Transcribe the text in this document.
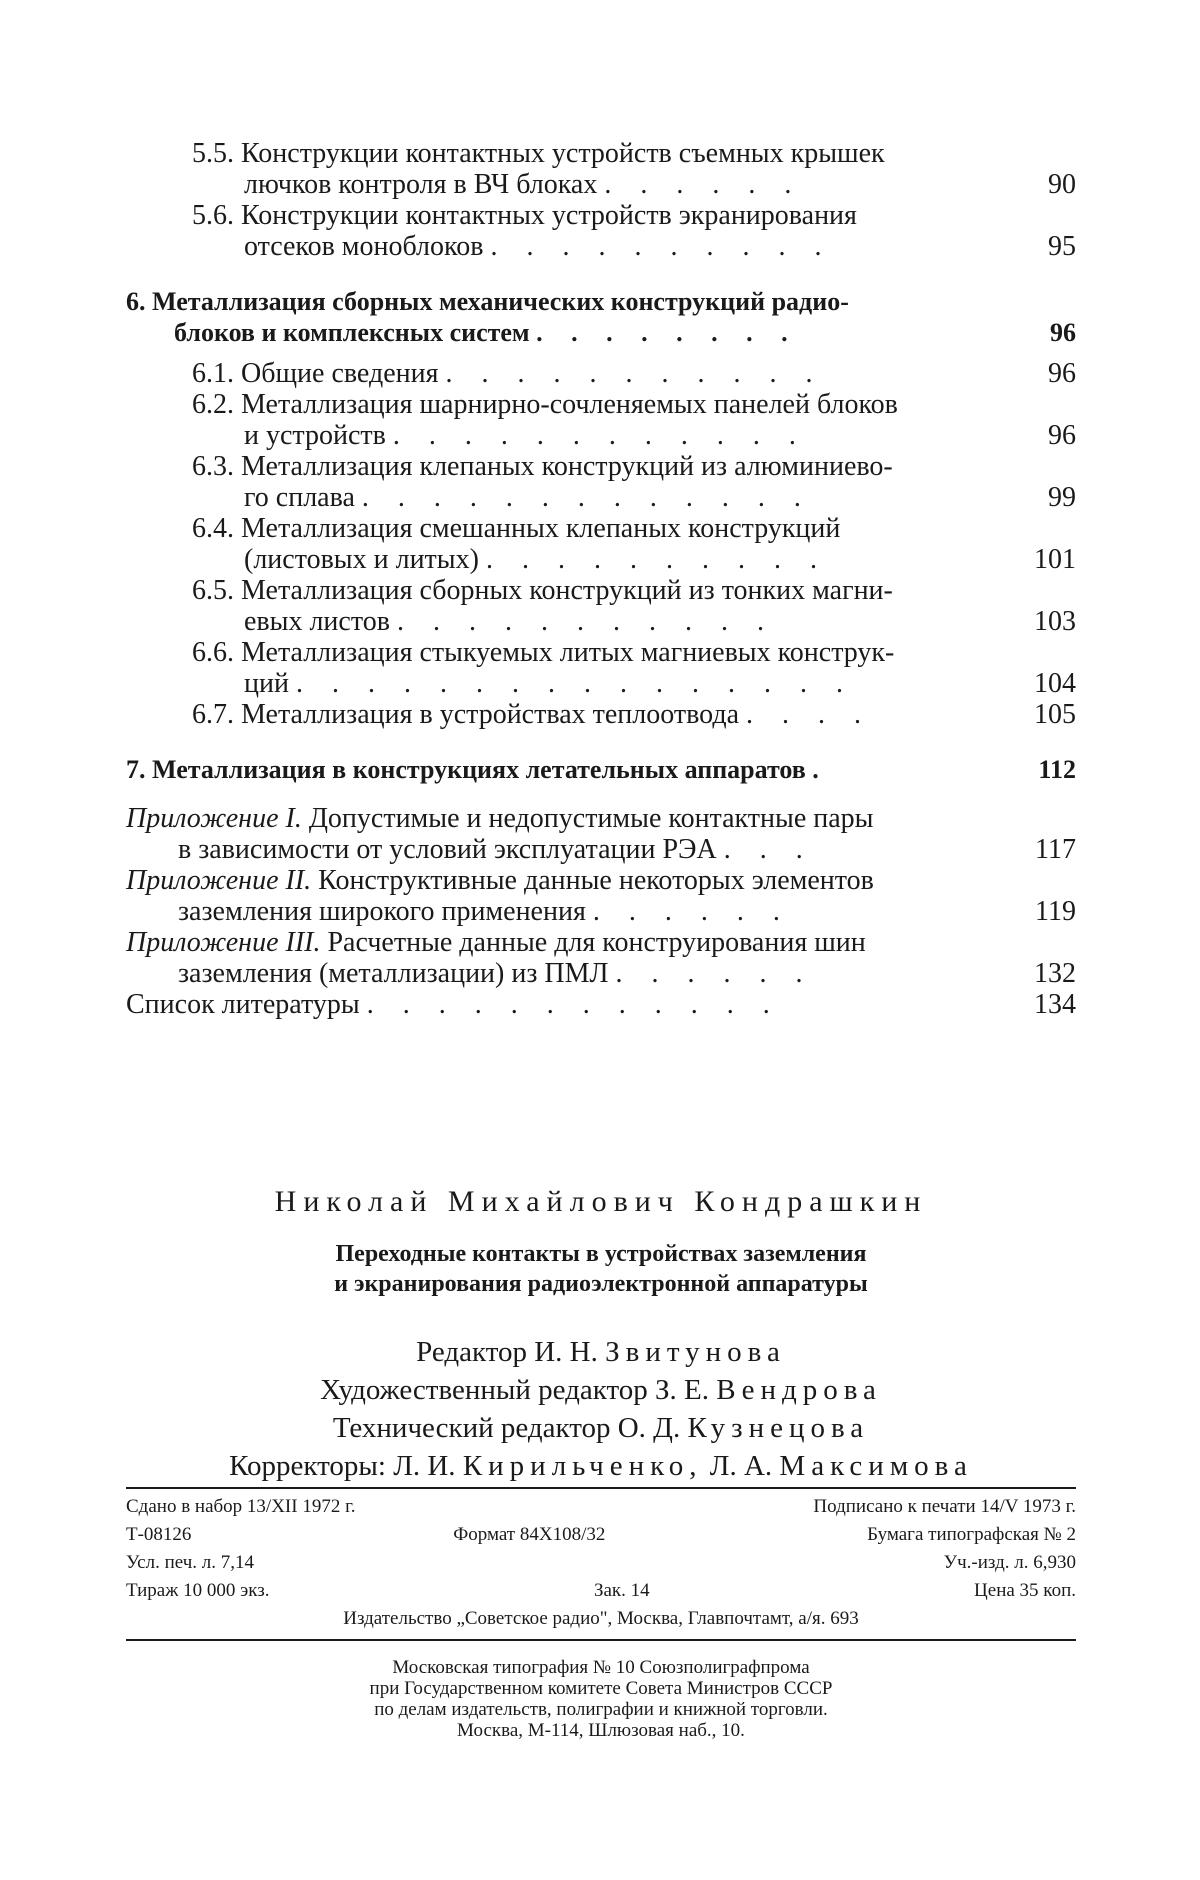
5.5. Конструкции контактных устройств съемных крышек
лючков контроля в ВЧ блоках . . . . . .	90
5.6. Конструкции контактных устройств экранирования
отсеков моноблоков . . . . . . . . . .	95
6. Металлизация сборных механических конструкций радио-
блоков и комплексных систем . . . . . . . .	96
6.1. Общие сведения . . . . . . . . . . .	96
6.2. Металлизация шарнирно-сочленяемых панелей блоков
и устройств . . . . . . . . . . . .	96
6.3. Металлизация клепаных конструкций из алюминиево-
го сплава . . . . . . . . . . . . .	99
6.4. Металлизация смешанных клепаных конструкций
(листовых и литых) . . . . . . . . . .	101
6.5. Металлизация сборных конструкций из тонких магни-
евых листов . . . . . . . . . . .	103
6.6. Металлизация стыкуемых литых магниевых конструк-
ций . . . . . . . . . . . . . . . .	104
6.7. Металлизация в устройствах теплоотвода . . . .	105
7. Металлизация в конструкциях летательных аппаратов .	112
Приложение I. Допустимые и недопустимые контактные пары
в зависимости от условий эксплуатации РЭА . . .	117
Приложение II. Конструктивные данные некоторых элементов
заземления широкого применения . . . . . .	119
Приложение III. Расчетные данные для конструирования шин
заземления (металлизации) из ПМЛ . . . . . .	132
Список литературы . . . . . . . . . . . .	134
Николай Михайлович Кондрашкин
Переходные контакты в устройствах заземления
и экранирования радиоэлектронной аппаратуры
Редактор И. Н. Звитунова
Художественный редактор З. Е. Вендрова
Технический редактор О. Д. Кузнецова
Корректоры: Л. И. Кирильченко, Л. А. Максимова
Сдано в набор 13/XII 1972 г.	Подписано к печати 14/V 1973 г.
Т-08126	Формат 84Х108/32	Бумага типографская № 2
Усл. печ. л. 7,14	Уч.-изд. л. 6,930
Тираж 10 000 экз.	Зак. 14	Цена 35 коп.
Издательство „Советское радио", Москва, Главпочтамт, а/я. 693
Московская типография № 10 Союзполиграфпрома
при Государственном комитете Совета Министров СССР
по делам издательств, полиграфии и книжной торговли.
Москва, М-114, Шлюзовая наб., 10.
